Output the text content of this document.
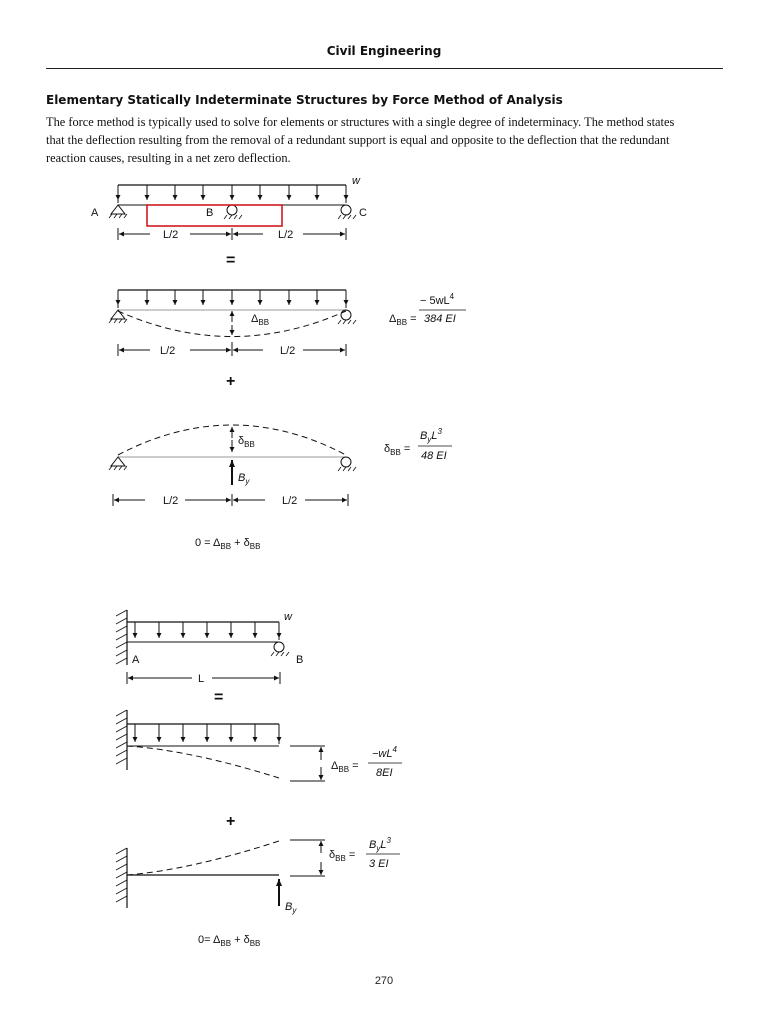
Civil Engineering
Elementary Statically Indeterminate Structures by Force Method of Analysis
The force method is typically used to solve for elements or structures with a single degree of indeterminacy. The method states
that the deflection resulting from the removal of a redundant support is equal and opposite to the deflection that the redundant
reaction causes, resulting in a net zero deflection.
w
A	B	C
L/2	L/2
=
$\Delta_{BB}$
L/2	L/2
$\Delta_{BB}$ =
− $5wL^4$
384 EI
+
$\delta_{BB}$
$B_y$
L/2	L/2
$\delta_{BB}$ =
$B_yL^3$
48 EI
$0 = \Delta_{BB} + \delta_{BB}$
w
A	B
L
=
$\Delta_{BB}$ =
$-wL^4$
8EI
+
$B_y$
$\delta_{BB}$ =
$B_yL^3$
3 EI
$0= \Delta_{BB} + \delta_{BB}$
270
